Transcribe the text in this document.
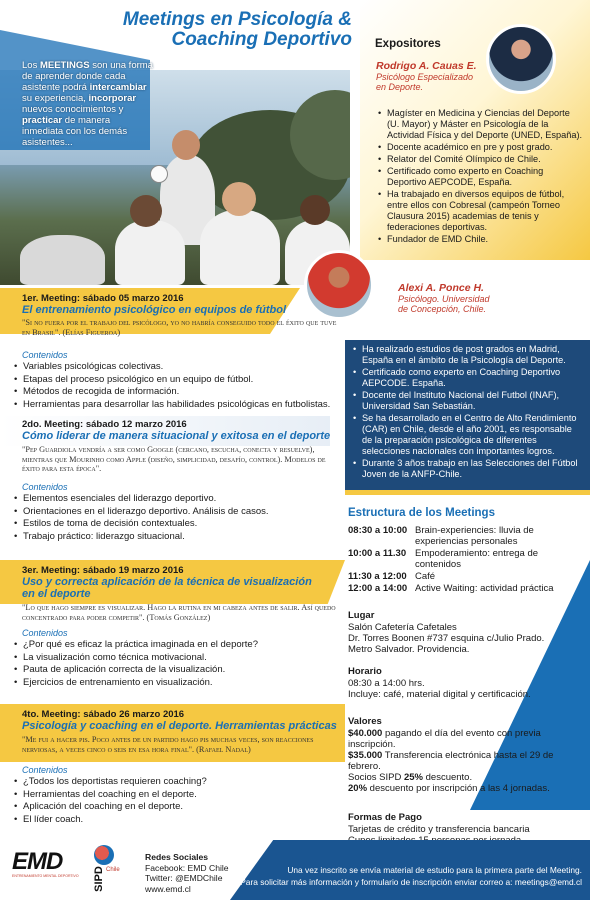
Meetings en Psicología &
Coaching Deportivo
Los MEETINGS son una forma de aprender donde cada asistente podrá intercambiar su experiencia, incorporar nuevos conocimientos y practicar de manera inmediata con los demás asistentes...
Expositores
Rodrigo A. Cauas E.
Psicólogo Especializado
en Deporte.
• Magíster en Medicina y Ciencias del Deporte (U. Mayor) y Máster en Psicología de la Actividad Física y del Deporte (UNED, España).
• Docente académico en pre y post grado.
• Relator del Comité Olímpico de Chile.
• Certificado como experto en Coaching Deportivo AEPCODE, España.
• Ha trabajado en diversos equipos de fútbol, entre ellos con Cobresal (campeón Torneo Clausura 2015) academias de tenis y federaciones deportivas.
• Fundador de EMD Chile.
Alexi A. Ponce H.
Psicólogo. Universidad
de Concepción, Chile.
• Ha realizado estudios de post grados en Madrid, España en el ámbito de la Psicología del Deporte.
• Certificado como experto en Coaching Deportivo AEPCODE. España.
• Docente del Instituto Nacional del Futbol (INAF), Universidad San Sebastián.
• Se ha desarrollado en el Centro de Alto Rendimiento (CAR) en Chile, desde el año 2001, es responsable de la preparación psicológica de diferentes selecciones nacionales con importantes logros.
• Durante 3 años trabajo en las Selecciones del Fútbol Joven de la ANFP-Chile.
1er. Meeting: sábado 05 marzo 2016
El entrenamiento psicológico en equipos de fútbol
"Si no fuera por el trabajo del psicólogo, yo no habría conseguido todo el éxito que tuve en Brasil". (Elías Figueroa)
Contenidos
• Variables psicológicas colectivas.
• Etapas del proceso psicológico en un equipo de fútbol.
• Métodos de recogida de información.
• Herramientas para desarrollar las habilidades psicológicas en futbolistas.
2do. Meeting: sábado 12 marzo 2016
Cómo liderar de manera situacional y exitosa en el deporte
"Pep Guardiola vendría a ser como Google (cercano, escucha, conecta y resuelve), mientras que Mourinho como Apple (diseño, simplicidad, desafío, control). Modelos de éxito para esta época".
Contenidos
• Elementos esenciales del liderazgo deportivo.
• Orientaciones en el liderazgo deportivo. Análisis de casos.
• Estilos de toma de decisión contextuales.
• Trabajo práctico: liderazgo situacional.
3er. Meeting: sábado 19 marzo 2016
Uso y correcta aplicación de la técnica de visualización
en el deporte
"Lo que hago siempre es visualizar. Hago la rutina en mi cabeza antes de salir. Así quedo concentrado para poder competir". (Tomás González)
Contenidos
• ¿Por qué es eficaz la práctica imaginada en el deporte?
• La visualización como técnica motivacional.
• Pauta de aplicación correcta de la visualización.
• Ejercicios de entrenamiento en visualización.
4to. Meeting: sábado 26 marzo 2016
Psicología y coaching en el deporte. Herramientas prácticas
"Me fui a hacer pis. Poco antes de un partido hago pis muchas veces, son reacciones nerviosas, a veces cinco o seis en esa hora final". (Rafael Nadal)
Contenidos
• ¿Todos los deportistas requieren coaching?
• Herramientas del coaching en el deporte.
• Aplicación del coaching en el deporte.
• El líder coach.
Estructura de los Meetings
08:30 a 10:00 Brain-experiencies: lluvia de experiencias personales
10:00 a 11.30 Empoderamiento: entrega de contenidos
11:30 a 12:00 Café
12:00 a 14:00 Active Waiting: actividad práctica
Lugar
Salón Cafetería Cafetales
Dr. Torres Boonen #737 esquina c/Julio Prado.
Metro Salvador. Providencia.
Horario
08:30 a 14:00 hrs.
Incluye: café, material digital y certificación.
Valores
$40.000 pagando el día del evento con previa inscripción.
$35.000 Transferencia electrónica hasta el 29 de febrero.
Socios SIPD 25% descuento.
20% descuento por inscripción a las 4 jornadas.
Formas de Pago
Tarjetas de crédito y transferencia bancaria
EMD
ENTRENAMIENTO MENTAL DEPORTIVO SIPD Chile
Redes Sociales
Facebook: EMD Chile
Twitter: @EMDChile
www.emd.cl
Una vez inscrito se envía material de estudio para la primera parte del Meeting.
Para solicitar más información y formulario de inscripción enviar correo a: meetings@emd.cl
